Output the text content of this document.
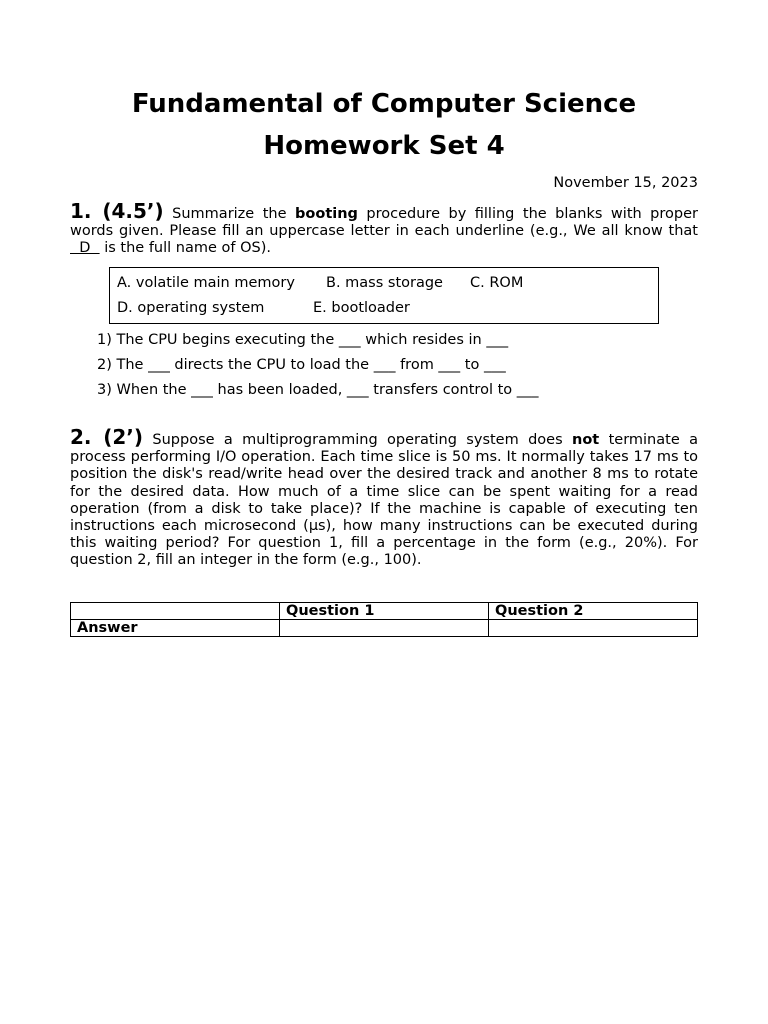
Fundamental of Computer Science
Homework Set 4
November 15, 2023
1. (4.5’) Summarize the booting procedure by filling the blanks with proper words given. Please fill an uppercase letter in each underline (e.g., We all know that   D   is the full name of OS).
A. volatile main memory B. mass storage C. ROM
D. operating system	E. bootloader
1) The CPU begins executing the ___ which resides in ___
2) The ___ directs the CPU to load the ___ from ___ to ___
3) When the ___ has been loaded, ___ transfers control to ___
2. (2’) Suppose a multiprogramming operating system does not terminate a process performing I/O operation. Each time slice is 50 ms. It normally takes 17 ms to position the disk's read/write head over the desired track and another 8 ms to rotate for the desired data. How much of a time slice can be spent waiting for a read operation (from a disk to take place)? If the machine is capable of executing ten instructions each microsecond (μs), how many instructions can be executed during this waiting period? For question 1, fill a percentage in the form (e.g., 20%). For question 2, fill an integer in the form (e.g., 100).
	Question 1	Question 2
Answer		
